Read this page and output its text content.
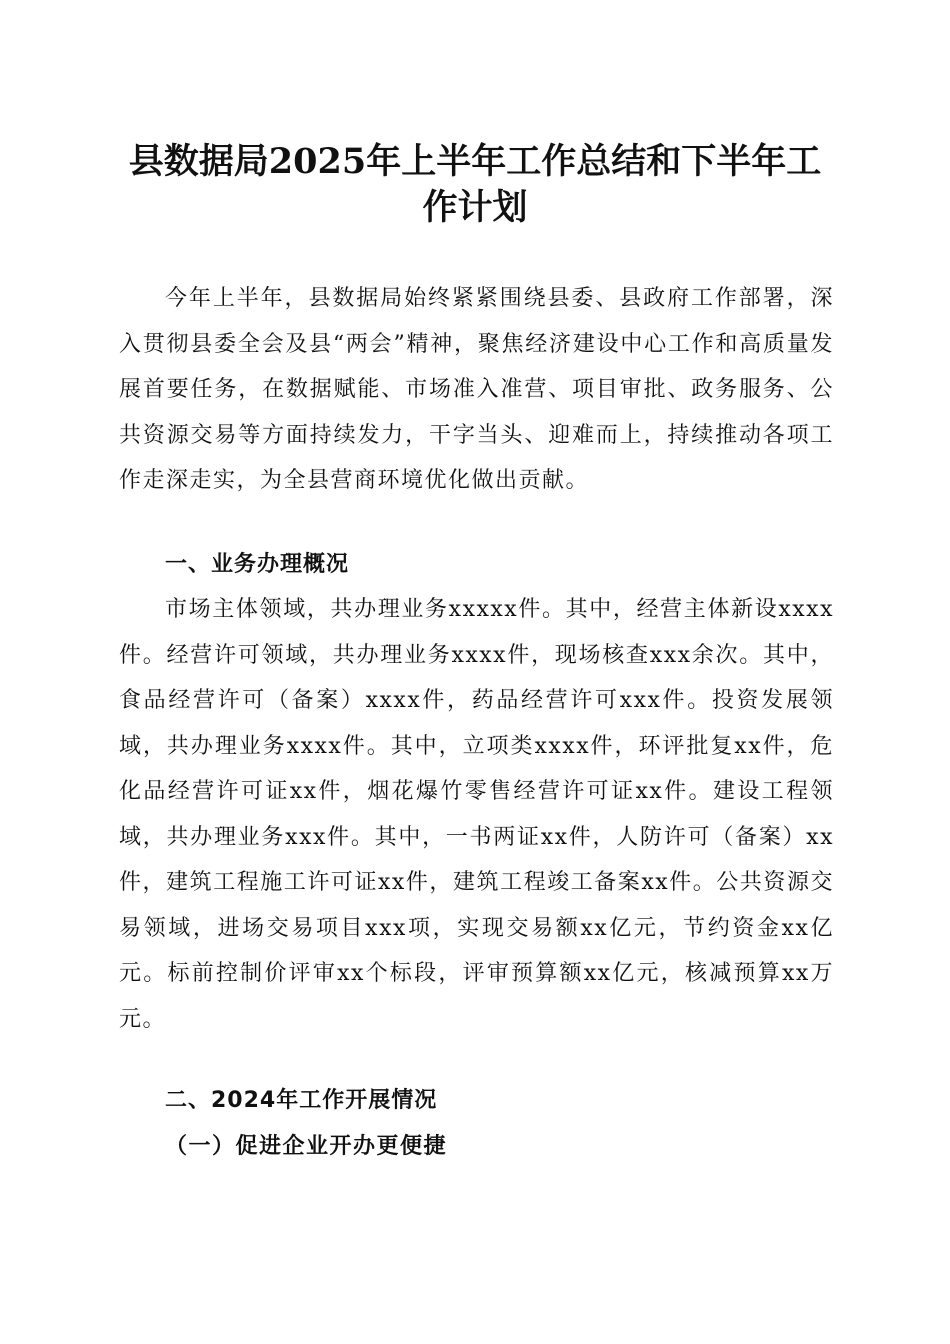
县数据局2025年上半年工作总结和下半年工
作计划

今年上半年，县数据局始终紧紧围绕县委、县政府工作部署，深入贯彻县委全会及县“两会”精神，聚焦经济建设中心工作和高质量发展首要任务，在数据赋能、市场准入准营、项目审批、政务服务、公共资源交易等方面持续发力，干字当头、迎难而上，持续推动各项工作走深走实，为全县营商环境优化做出贡献。

一、业务办理概况

市场主体领域，共办理业务xxxxx件。其中，经营主体新设xxxx件。经营许可领域，共办理业务xxxx件，现场核查xxx余次。其中，食品经营许可（备案）xxxx件，药品经营许可xxx件。投资发展领域，共办理业务xxxx件。其中，立项类xxxx件，环评批复xx件，危化品经营许可证xx件，烟花爆竹零售经营许可证xx件。建设工程领域，共办理业务xxx件。其中，一书两证xx件，人防许可（备案）xx件，建筑工程施工许可证xx件，建筑工程竣工备案xx件。公共资源交易领域，进场交易项目xxx项，实现交易额xx亿元，节约资金xx亿元。标前控制价评审xx个标段，评审预算额xx亿元，核减预算xx万元。

二、2024年工作开展情况
（一）促进企业开办更便捷
